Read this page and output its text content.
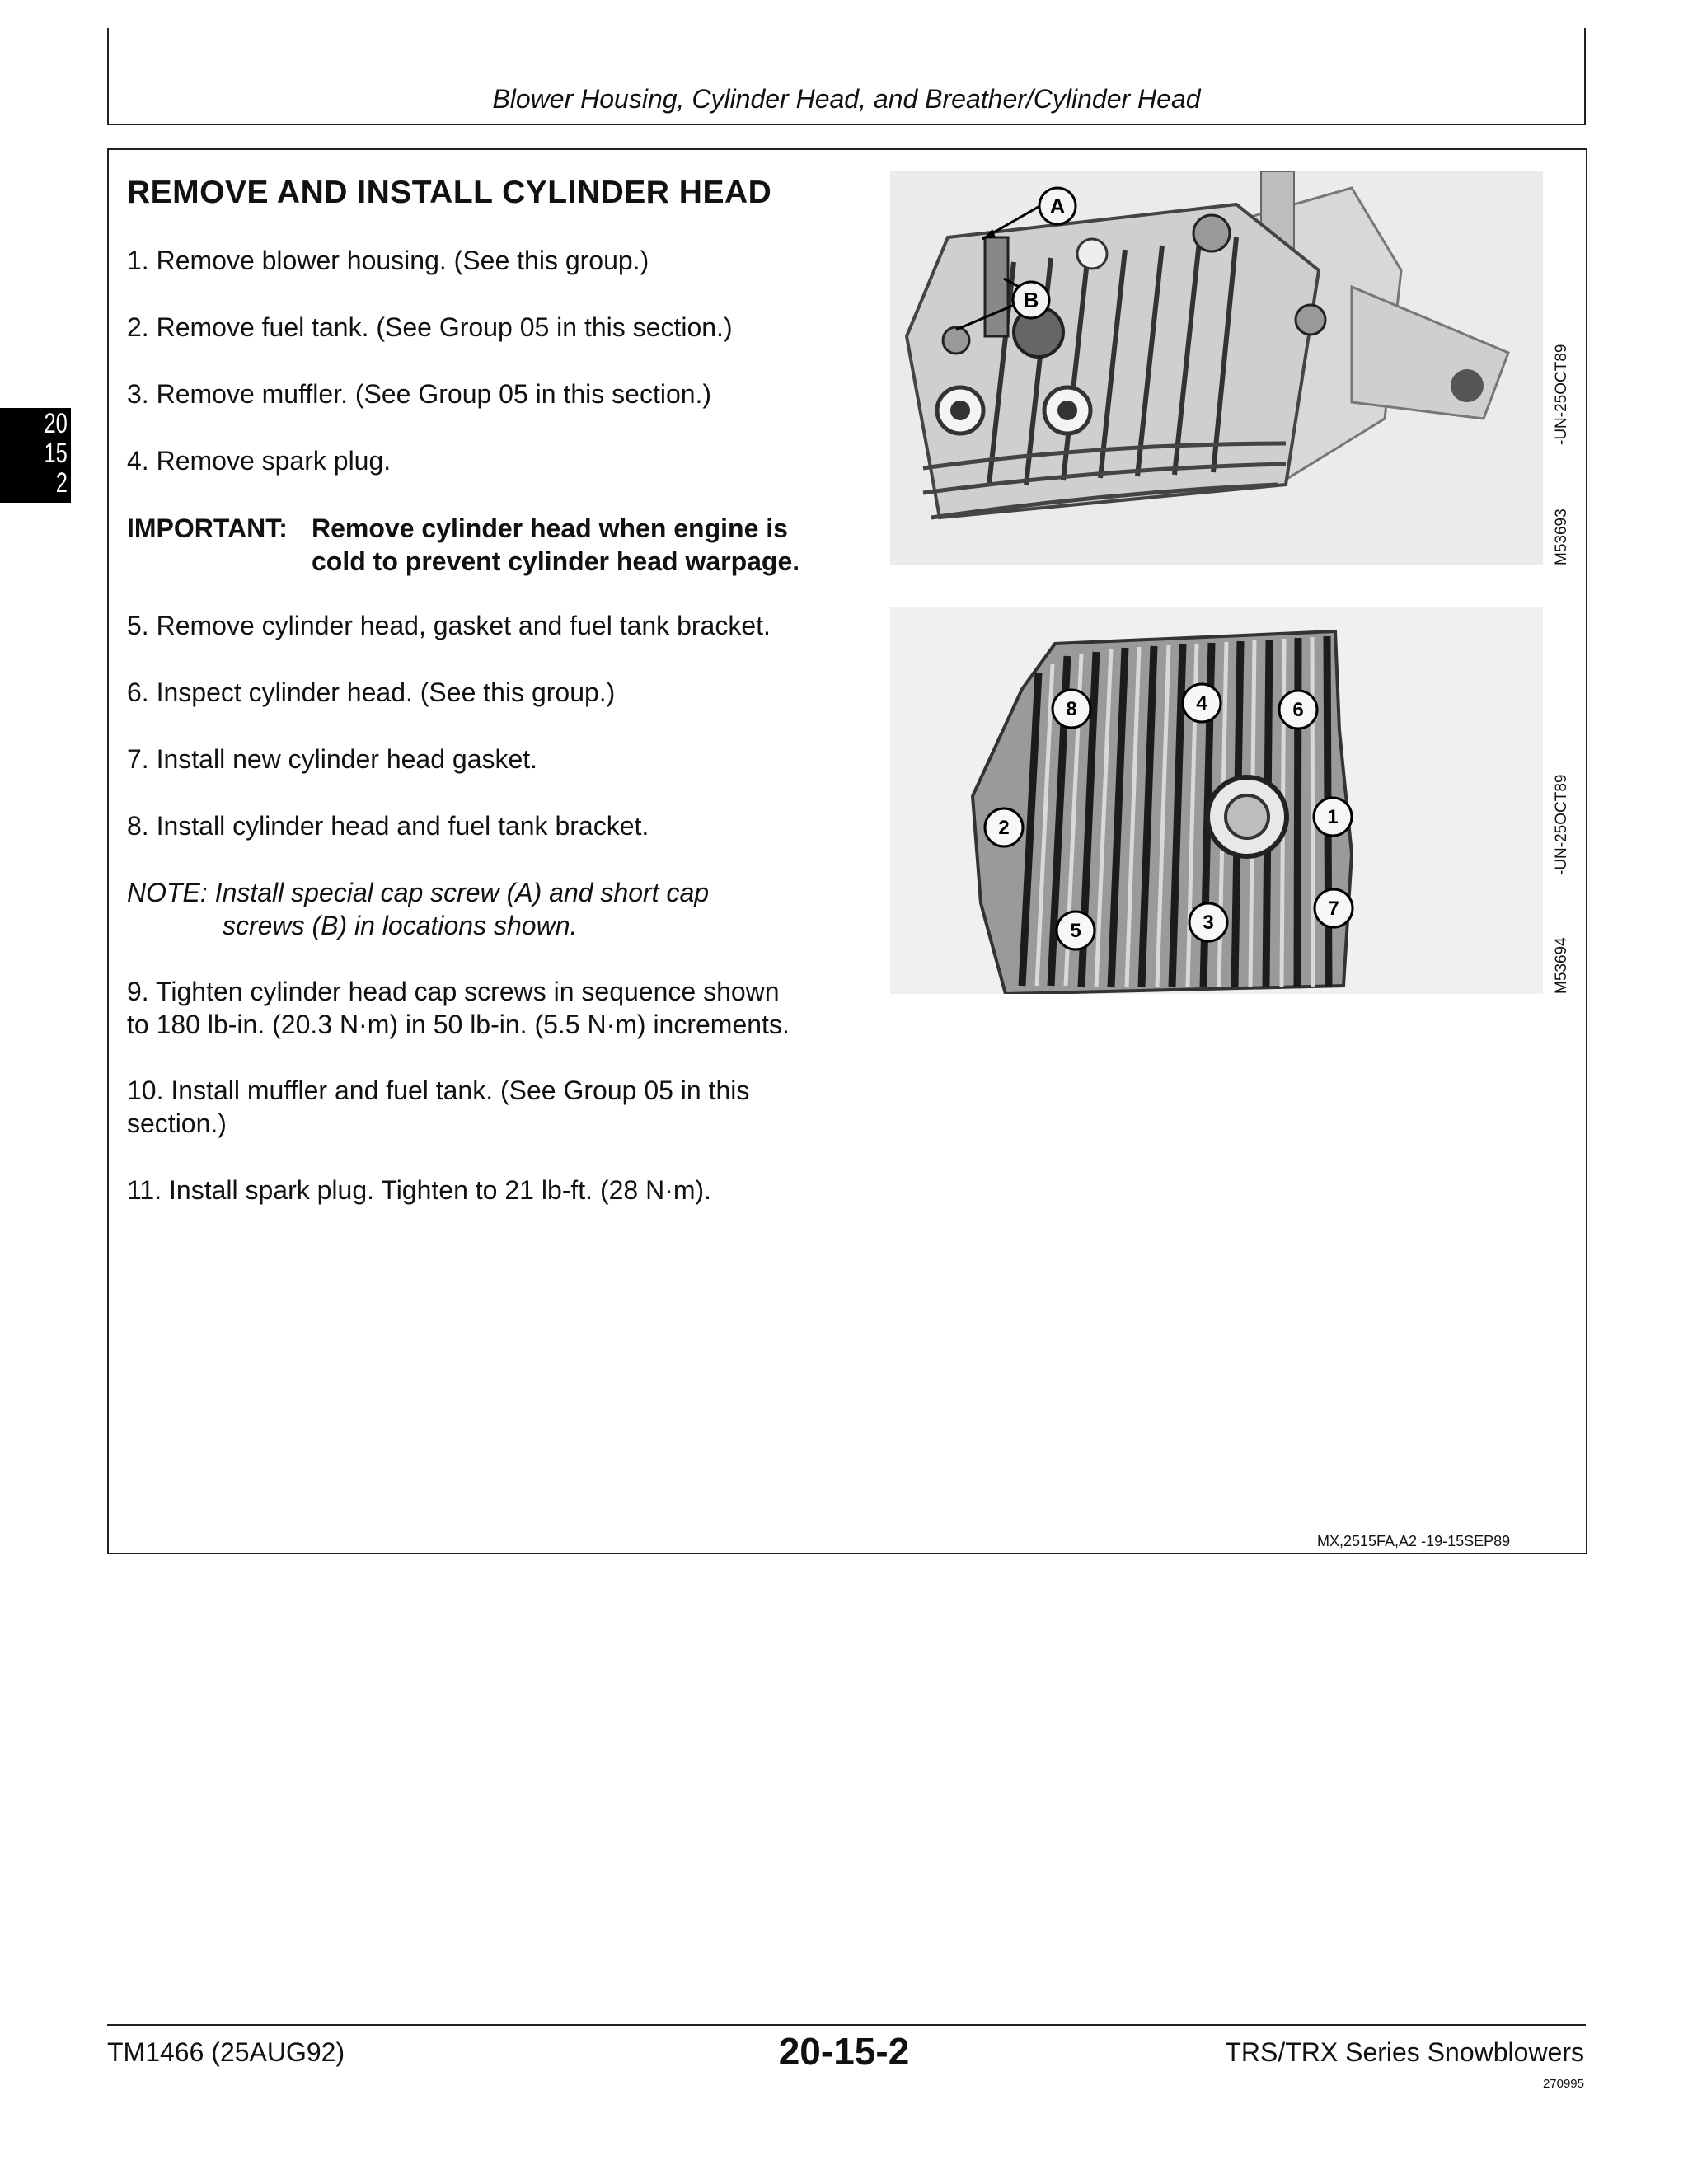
Blower Housing, Cylinder Head, and Breather/Cylinder Head
20
15
2
REMOVE AND INSTALL CYLINDER HEAD
1. Remove blower housing. (See this group.)
2. Remove fuel tank. (See Group 05 in this section.)
3. Remove muffler. (See Group 05 in this section.)
4. Remove spark plug.
IMPORTANT: Remove cylinder head when engine is
cold to prevent cylinder head warpage.
5. Remove cylinder head, gasket and fuel tank bracket.
6. Inspect cylinder head. (See this group.)
7. Install new cylinder head gasket.
8. Install cylinder head and fuel tank bracket.
NOTE: Install special cap screw (A) and short cap
screws (B) in locations shown.
9. Tighten cylinder head cap screws in sequence shown
to 180 lb-in. (20.3 N·m) in 50 lb-in. (5.5 N·m) increments.
10. Install muffler and fuel tank. (See Group 05 in this
section.)
11. Install spark plug. Tighten to 21 lb-ft. (28 N·m).
A
B
M53693
-UN-25OCT89
1
2
3
4
5
6
7
8
M53694
-UN-25OCT89
MX,2515FA,A2 -19-15SEP89
TM1466 (25AUG92)	20-15-2	TRS/TRX Series Snowblowers
270995
